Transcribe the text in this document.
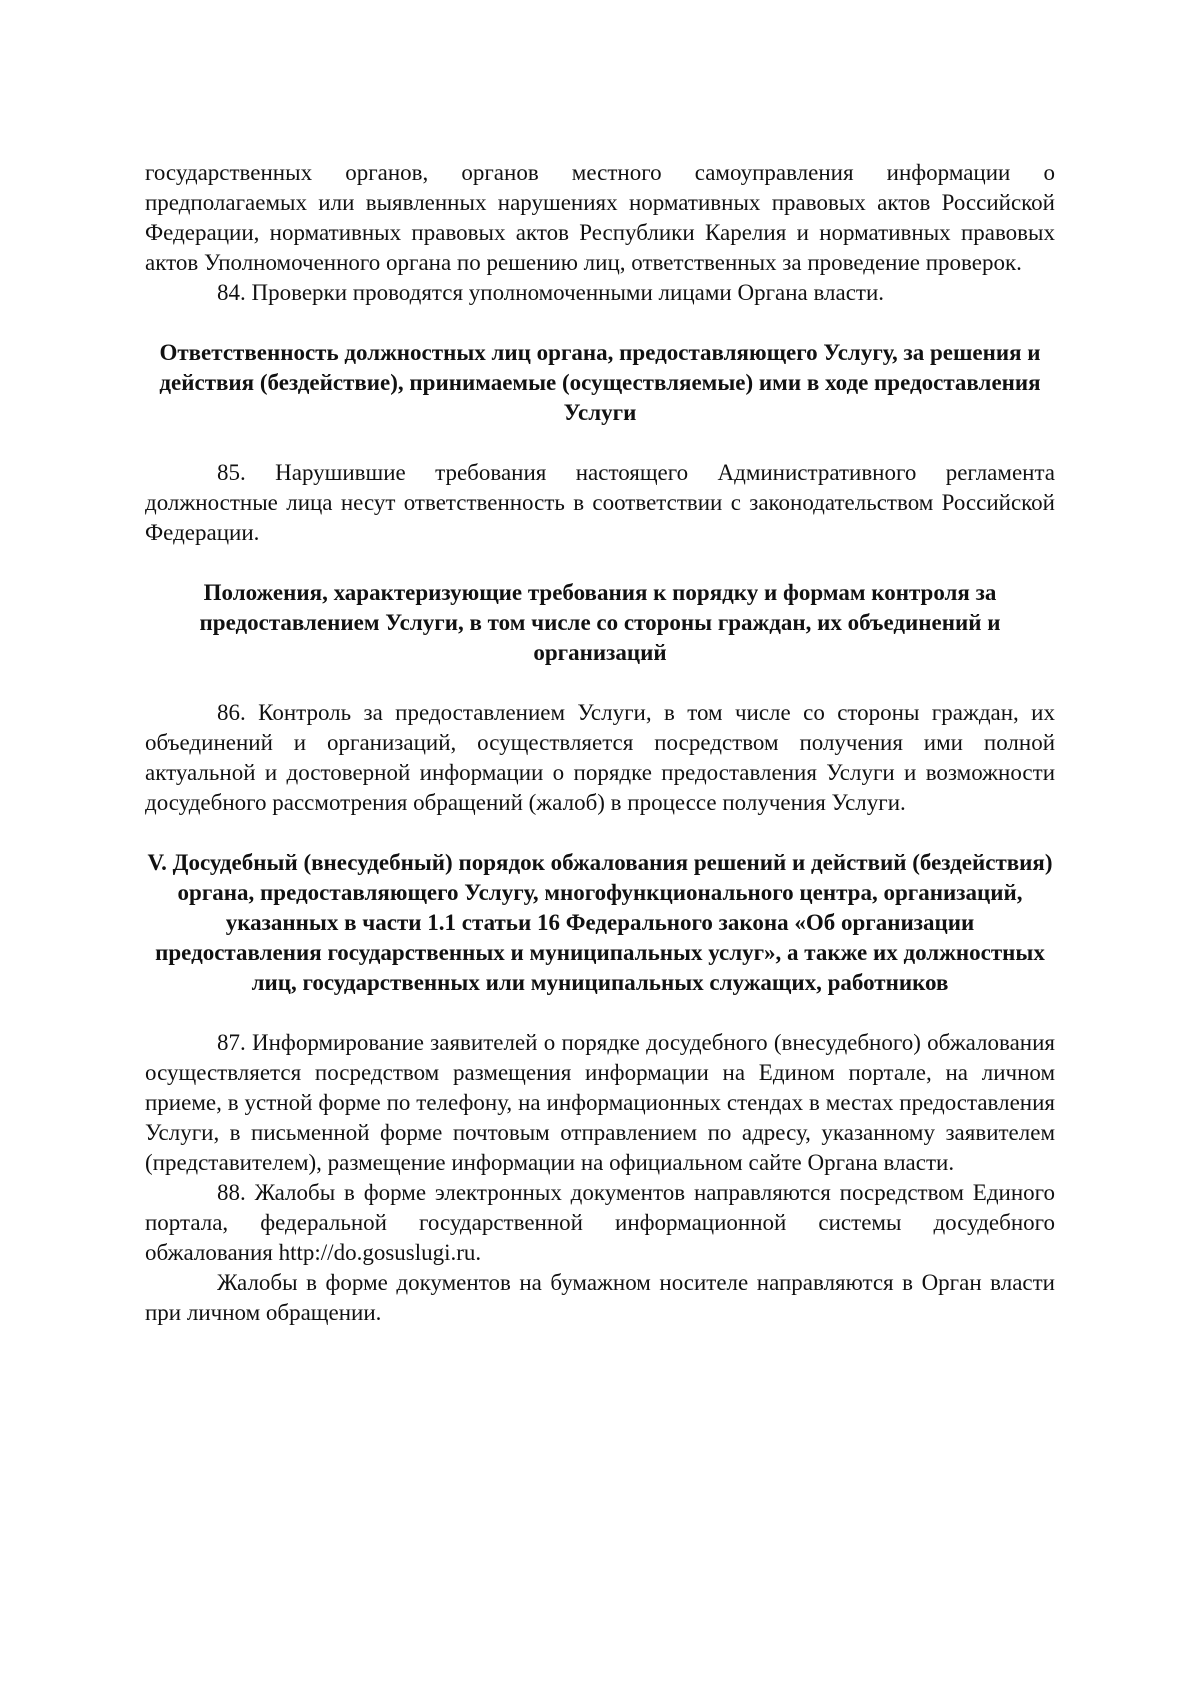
государственных органов, органов местного самоуправления информации о предполагаемых или выявленных нарушениях нормативных правовых актов Российской Федерации, нормативных правовых актов Республики Карелия и нормативных правовых актов Уполномоченного органа по решению лиц, ответственных за проведение проверок.

84. Проверки проводятся уполномоченными лицами Органа власти.

Ответственность должностных лиц органа, предоставляющего Услугу, за решения и действия (бездействие), принимаемые (осуществляемые) ими в ходе предоставления Услуги

85. Нарушившие требования настоящего Административного регламента должностные лица несут ответственность в соответствии с законодательством Российской Федерации.

Положения, характеризующие требования к порядку и формам контроля за предоставлением Услуги, в том числе со стороны граждан, их объединений и организаций

86. Контроль за предоставлением Услуги, в том числе со стороны граждан, их объединений и организаций, осуществляется посредством получения ими полной актуальной и достоверной информации о порядке предоставления Услуги и возможности досудебного рассмотрения обращений (жалоб) в процессе получения Услуги.

V. Досудебный (внесудебный) порядок обжалования решений и действий (бездействия) органа, предоставляющего Услугу, многофункционального центра, организаций, указанных в части 1.1 статьи 16 Федерального закона «Об организации предоставления государственных и муниципальных услуг», а также их должностных лиц, государственных или муниципальных служащих, работников

87. Информирование заявителей о порядке досудебного (внесудебного) обжалования осуществляется посредством размещения информации на Едином портале, на личном приеме, в устной форме по телефону, на информационных стендах в местах предоставления Услуги, в письменной форме почтовым отправлением по адресу, указанному заявителем (представителем), размещение информации на официальном сайте Органа власти.

88. Жалобы в форме электронных документов направляются посредством Единого портала, федеральной государственной информационной системы досудебного обжалования http://do.gosuslugi.ru.

Жалобы в форме документов на бумажном носителе направляются в Орган власти при личном обращении.
